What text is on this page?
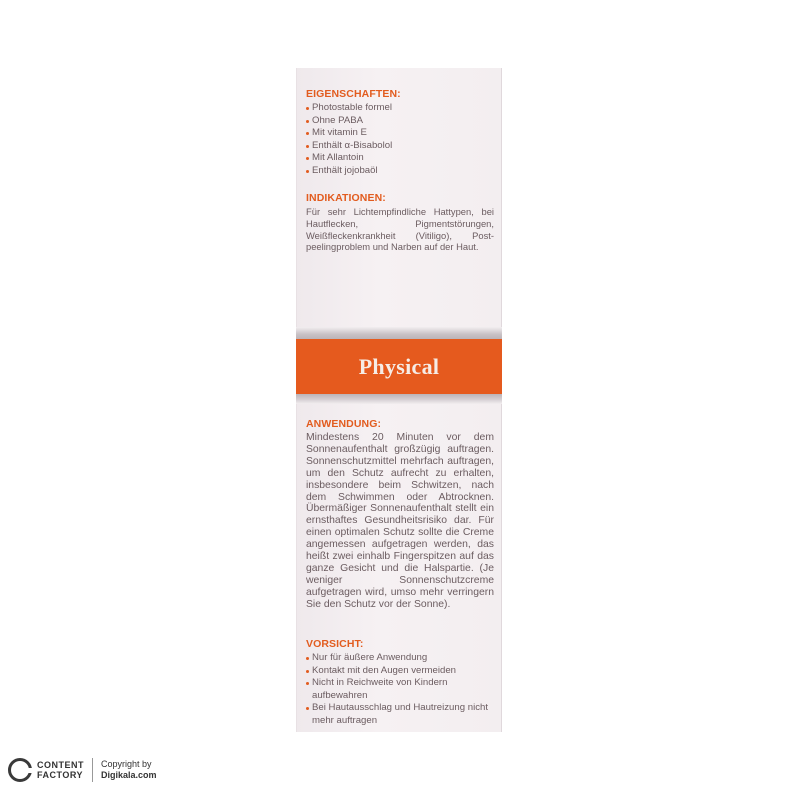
EIGENSCHAFTEN:
Photostable formel
Ohne PABA
Mit vitamin E
Enthält α-Bisabolol
Mit Allantoin
Enthält jojobaöl
INDIKATIONEN:
Für sehr Lichtempfindliche Hattypen, bei Hautflecken, Pigmentstörungen, Weißfleckenkrankheit (Vitiligo), Post-peelingproblem und Narben auf der Haut.
ANWENDUNG:
Mindestens 20 Minuten vor dem Sonnenaufenthalt großzügig auftragen. Sonnenschutzmittel mehrfach auftragen, um den Schutz aufrecht zu erhalten, insbesondere beim Schwitzen, nach dem Schwimmen oder Abtrocknen. Übermäßiger Sonnenaufenthalt stellt ein ernsthaftes Gesundheitsrisiko dar. Für einen optimalen Schutz sollte die Creme angemessen aufgetragen werden, das heißt zwei einhalb Fingerspitzen auf das ganze Gesicht und die Halspartie. (Je weniger Sonnenschutzcreme aufgetragen wird, umso mehr verringern Sie den Schutz vor der Sonne).
VORSICHT:
Nur für äußere Anwendung
Kontakt mit den Augen vermeiden
Nicht in Reichweite von Kindern aufbewahren
Bei Hautausschlag und Hautreizung nicht mehr auftragen
Physical
CONTENT
FACTORY
Copyright by
Digikala.com
